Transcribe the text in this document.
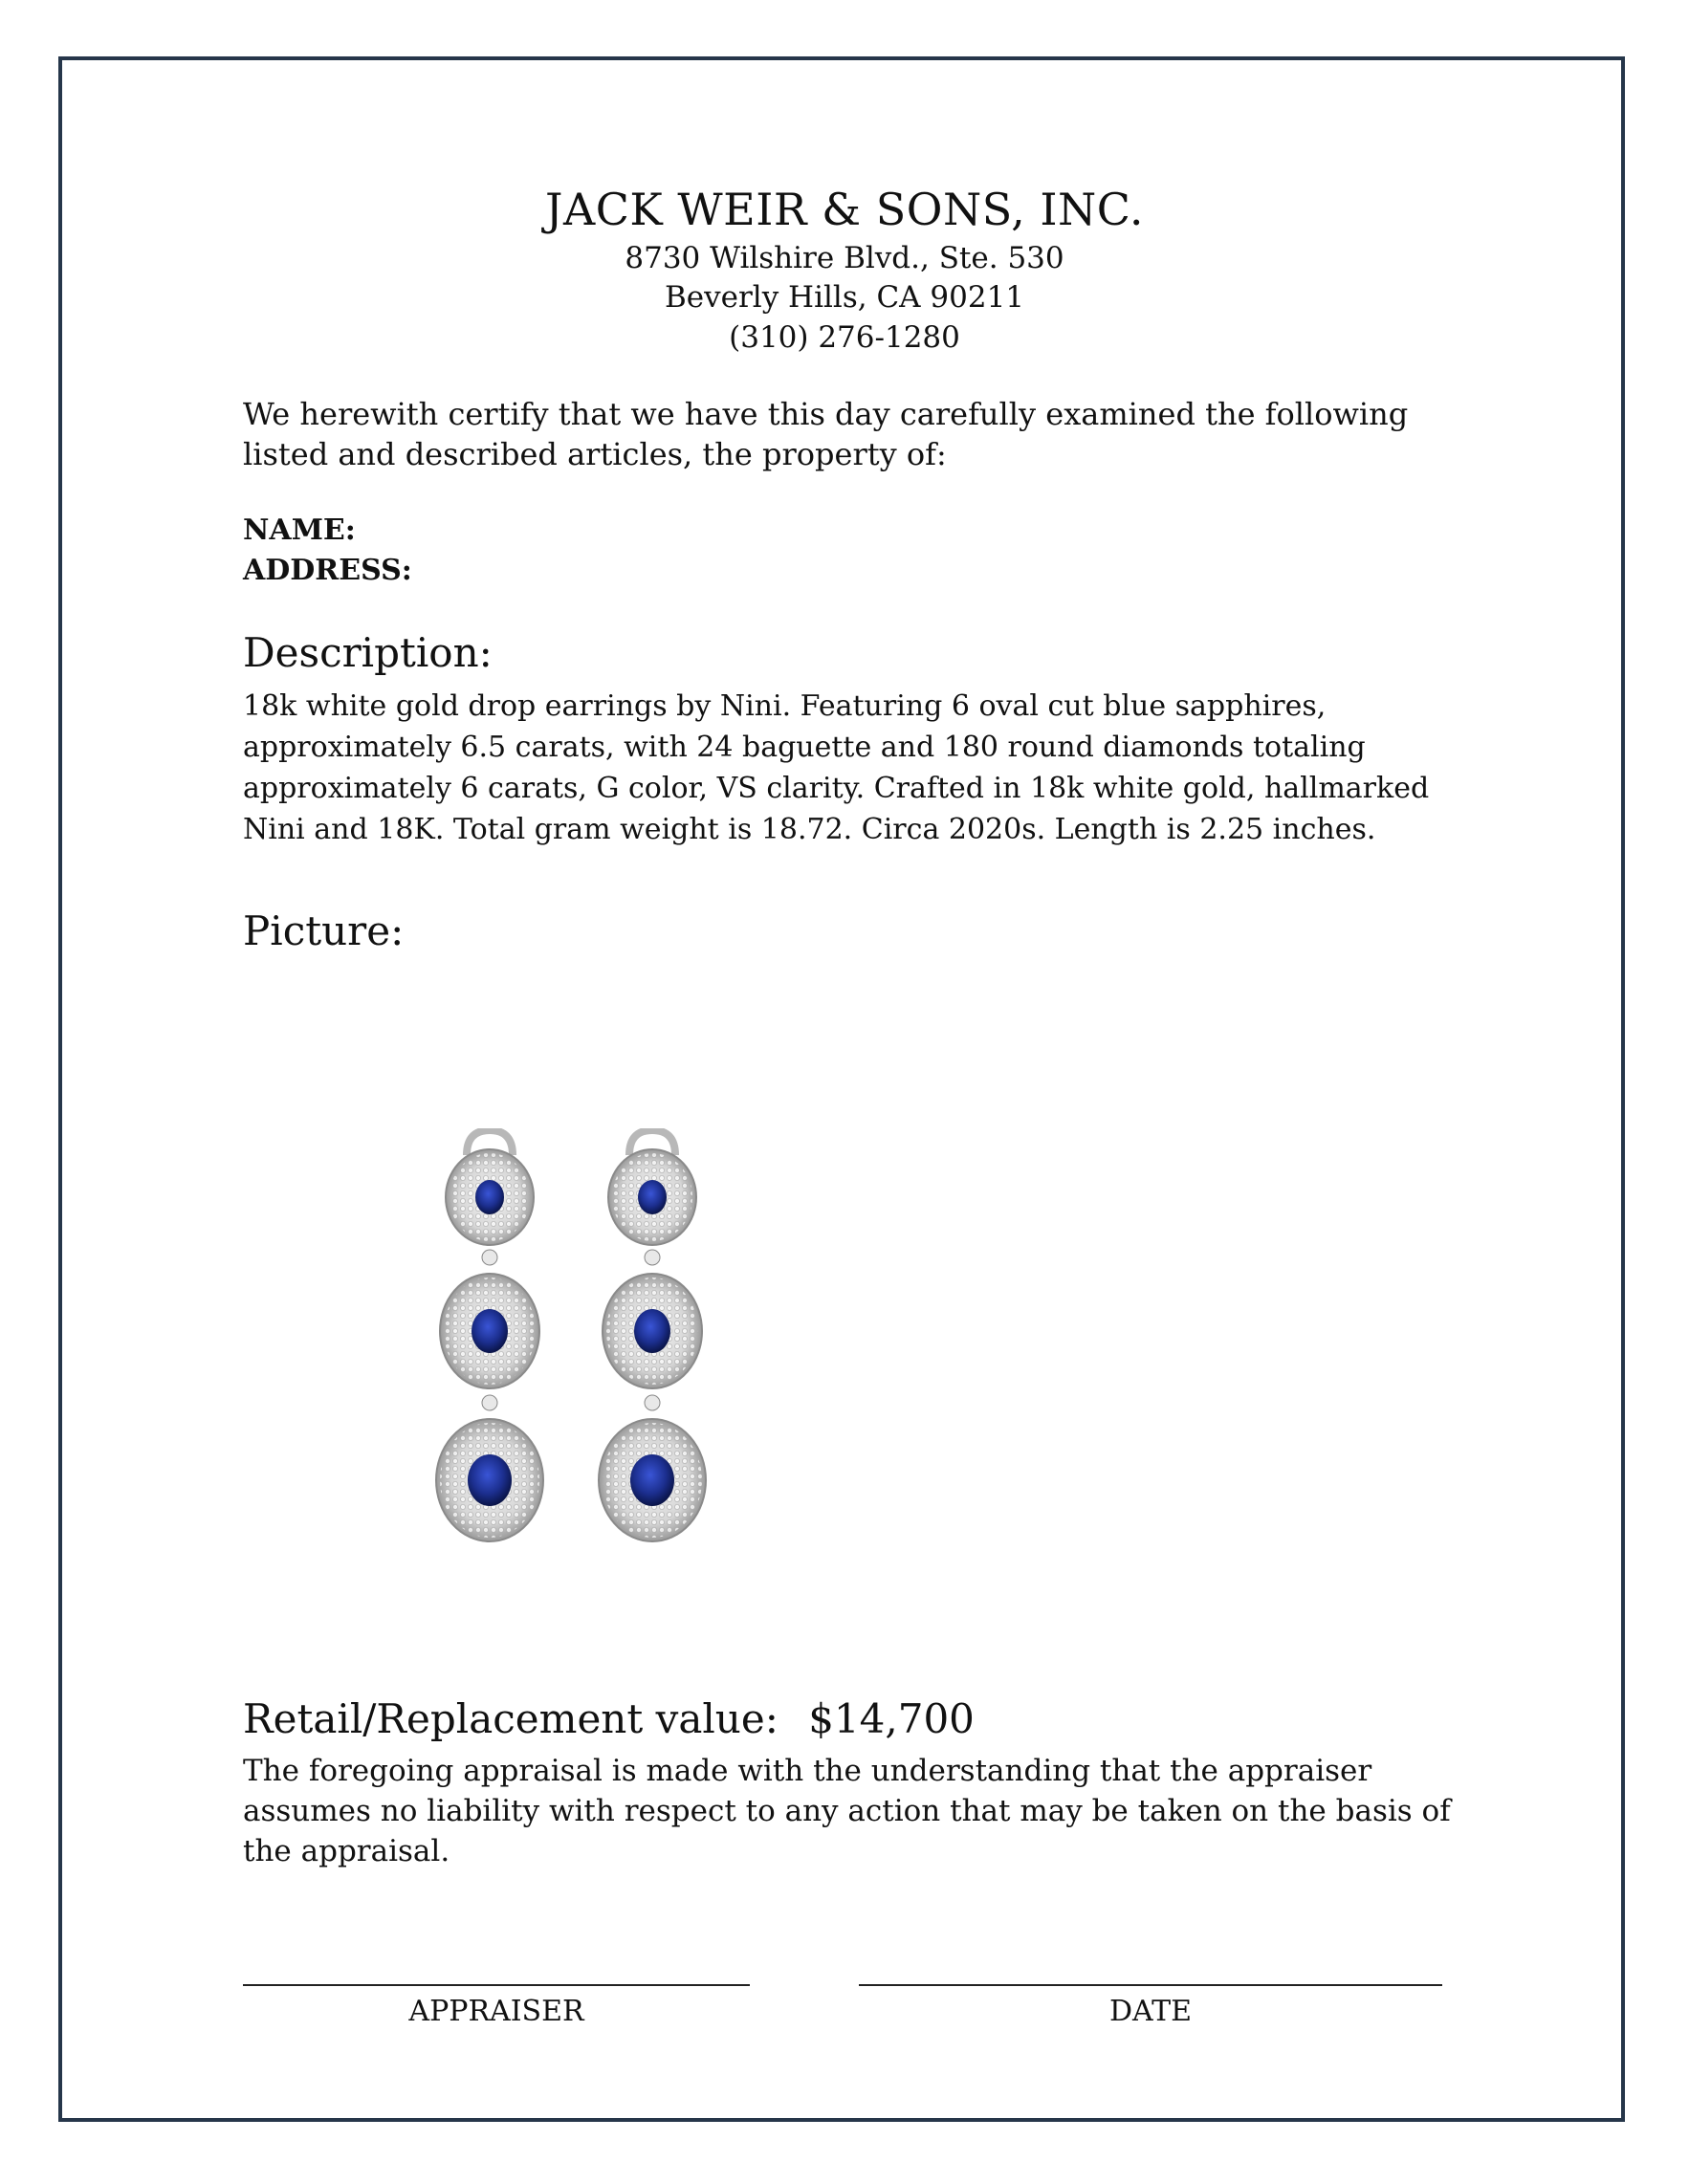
JACK WEIR & SONS, INC.
8730 Wilshire Blvd., Ste. 530
Beverly Hills, CA 90211
(310) 276-1280
We herewith certify that we have this day carefully examined the following listed and described articles, the property of:
NAME:
ADDRESS:
Description:
18k white gold drop earrings by Nini. Featuring 6 oval cut blue sapphires, approximately 6.5 carats, with 24 baguette and 180 round diamonds totaling approximately 6 carats, G color, VS clarity. Crafted in 18k white gold, hallmarked Nini and 18K. Total gram weight is 18.72. Circa 2020s. Length is 2.25 inches.
Picture:
Retail/Replacement value: $14,700
The foregoing appraisal is made with the understanding that the appraiser assumes no liability with respect to any action that may be taken on the basis of the appraisal.
APPRAISER	DATE
